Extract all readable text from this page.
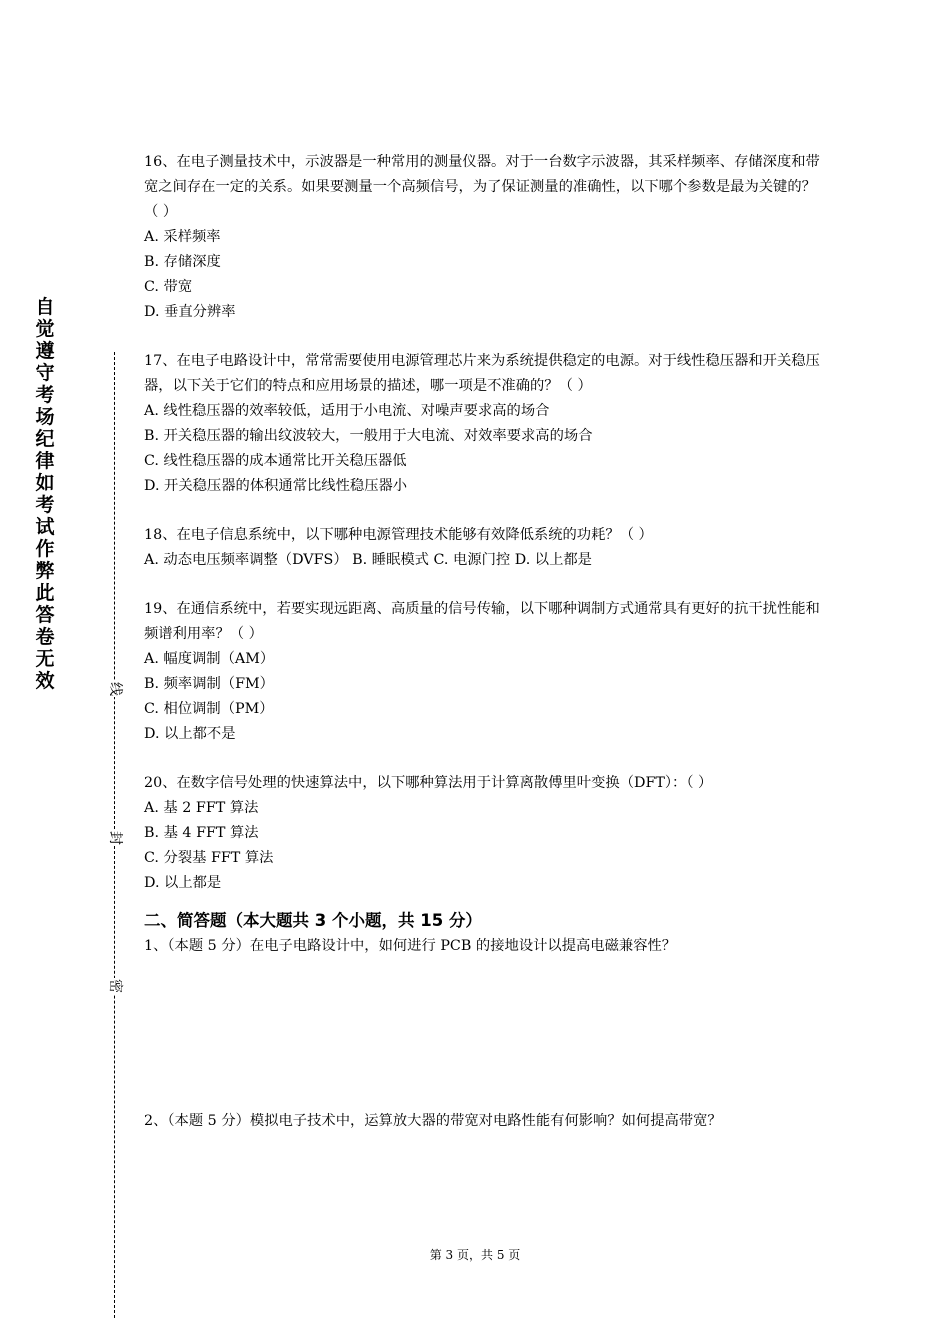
自
觉
遵
守
考
场
纪
律
如
考
试
作
弊
此
答
卷
无
效	线
封
密

16、在电子测量技术中，示波器是一种常用的测量仪器。对于一台数字示波器，其采样频率、存储深度和带宽之间存在一定的关系。如果要测量一个高频信号，为了保证测量的准确性，以下哪个参数是最为关键的？（ ）

A. 采样频率

B. 存储深度

C. 带宽

D. 垂直分辨率

17、在电子电路设计中，常常需要使用电源管理芯片来为系统提供稳定的电源。对于线性稳压器和开关稳压器，以下关于它们的特点和应用场景的描述，哪一项是不准确的？（ ）

A. 线性稳压器的效率较低，适用于小电流、对噪声要求高的场合

B. 开关稳压器的输出纹波较大，一般用于大电流、对效率要求高的场合

C. 线性稳压器的成本通常比开关稳压器低

D. 开关稳压器的体积通常比线性稳压器小

18、在电子信息系统中，以下哪种电源管理技术能够有效降低系统的功耗？（ ）

A. 动态电压频率调整（DVFS） B. 睡眠模式 C. 电源门控 D. 以上都是

19、在通信系统中，若要实现远距离、高质量的信号传输，以下哪种调制方式通常具有更好的抗干扰性能和频谱利用率？（ ）

A. 幅度调制（AM）

B. 频率调制（FM）

C. 相位调制（PM）

D. 以上都不是

20、在数字信号处理的快速算法中，以下哪种算法用于计算离散傅里叶变换（DFT）：（ ）

A. 基 2 FFT 算法

B. 基 4 FFT 算法

C. 分裂基 FFT 算法

D. 以上都是

二、简答题（本大题共 3 个小题，共 15 分）

1、（本题 5 分）在电子电路设计中，如何进行 PCB 的接地设计以提高电磁兼容性？

2、（本题 5 分）模拟电子技术中，运算放大器的带宽对电路性能有何影响？如何提高带宽？

第 3 页，共 5 页
